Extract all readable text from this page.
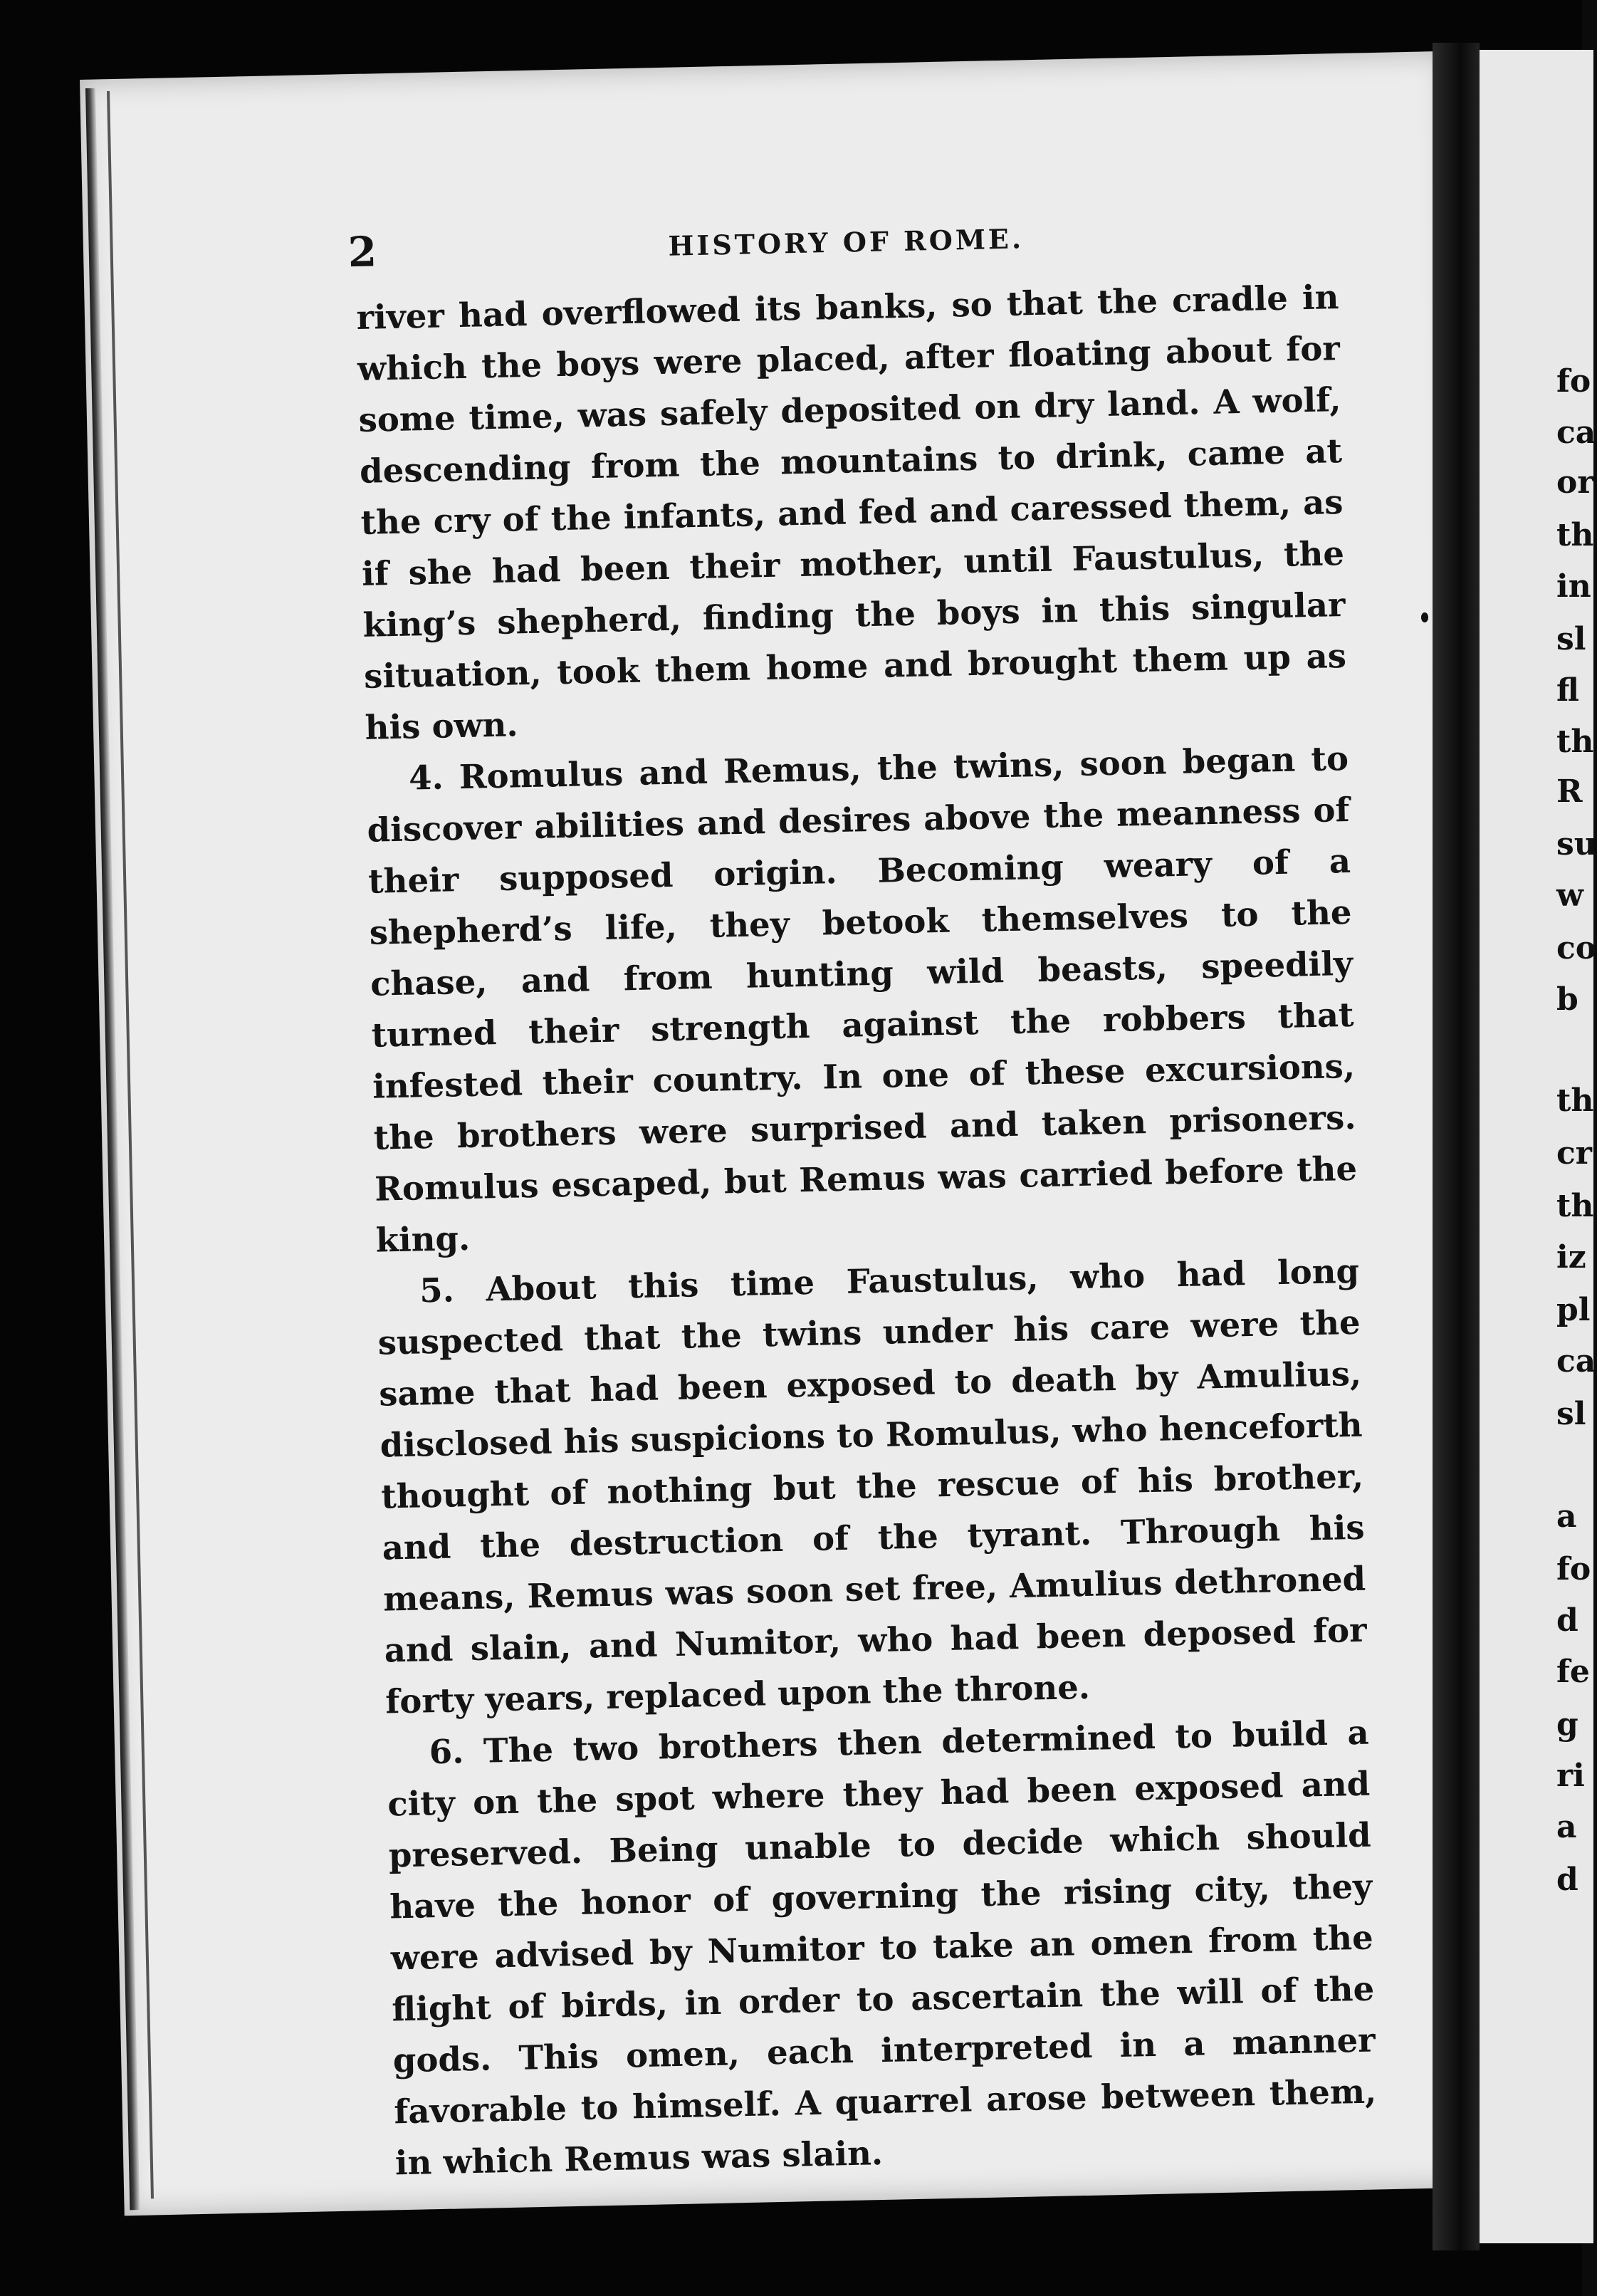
fo
ca
or
th
in
sl
fl
th
R
su
w
co
b
th
cr
th
iz
pl
ca
sl
a
fo
d
fe
g
ri
a
d
2	HISTORY OF ROME.

river had overflowed its banks, so that the cradle in which the boys were placed, after floating about for some time, was safely deposited on dry land. A wolf, descending from the mountains to drink, came at the cry of the infants, and fed and caressed them, as if she had been their mother, until Faustulus, the king’s shepherd, finding the boys in this singular situation, took them home and brought them up as his own.

4. Romulus and Remus, the twins, soon began to discover abilities and desires above the meanness of their supposed origin. Becoming weary of a shepherd’s life, they betook themselves to the chase, and from hunting wild beasts, speedily turned their strength against the robbers that infested their country. In one of these excursions, the brothers were surprised and taken prisoners. Romulus escaped, but Remus was carried before the king.

5. About this time Faustulus, who had long suspected that the twins under his care were the same that had been exposed to death by Amulius, disclosed his suspicions to Romulus, who henceforth thought of nothing but the rescue of his brother, and the destruction of the tyrant. Through his means, Remus was soon set free, Amulius dethroned and slain, and Numitor, who had been deposed for forty years, replaced upon the throne.

6. The two brothers then determined to build a city on the spot where they had been exposed and preserved. Being unable to decide which should have the honor of governing the rising city, they were advised by Numitor to take an omen from the flight of birds, in order to ascertain the will of the gods. This omen, each interpreted in a manner favorable to himself. A quarrel arose between them, in which Remus was slain.
